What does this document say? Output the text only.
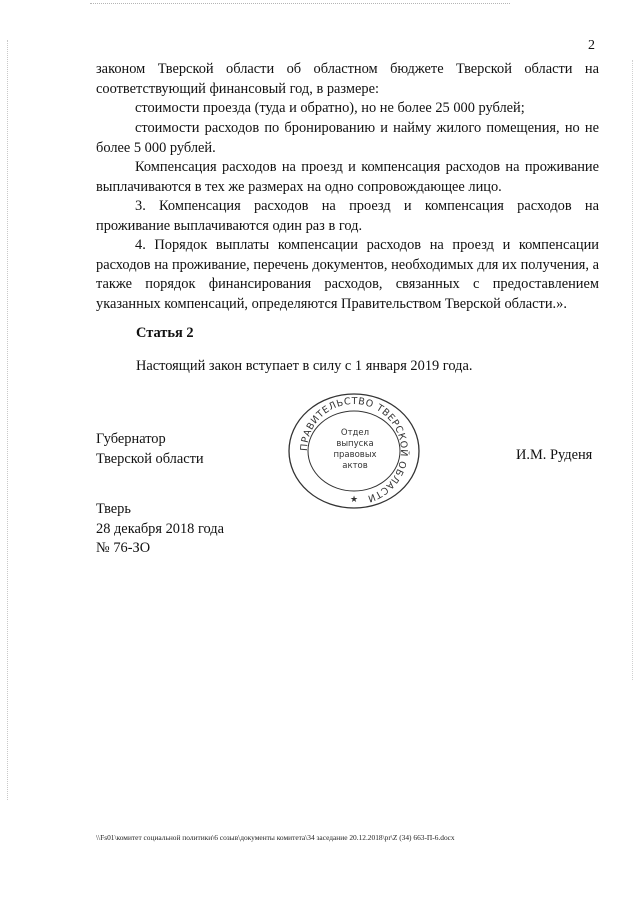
2

законом Тверской области об областном бюджете Тверской области на соответствующий финансовый год, в размере:

стоимости проезда (туда и обратно), но не более 25 000 рублей;

стоимости расходов по бронированию и найму жилого помещения, но не более 5 000 рублей.

Компенсация расходов на проезд и компенсация расходов на проживание выплачиваются в тех же размерах на одно сопровождающее лицо.

3. Компенсация расходов на проезд и компенсация расходов на проживание выплачиваются один раз в год.

4. Порядок выплаты компенсации расходов на проезд и компенсации расходов на проживание, перечень документов, необходимых для их получения, а также порядок финансирования расходов, связанных с предоставлением указанных компенсаций, определяются Правительством Тверской области.».

Статья 2
Настоящий закон вступает в силу с 1 января 2019 года.
Губернатор
Тверской области
ПРАВИТЕЛЬСТВО ТВЕРСКОЙ ОБЛАСТИ
Отдел
выпуска
правовых
актов
★
И.М. Руденя
Тверь
28 декабря 2018 года
№ 76-ЗО
\\Fs01\комитет социальной политики\6 созыв\документы комитета\34 заседание 20.12.2018\pr\Z (34) 663-П-6.docx
